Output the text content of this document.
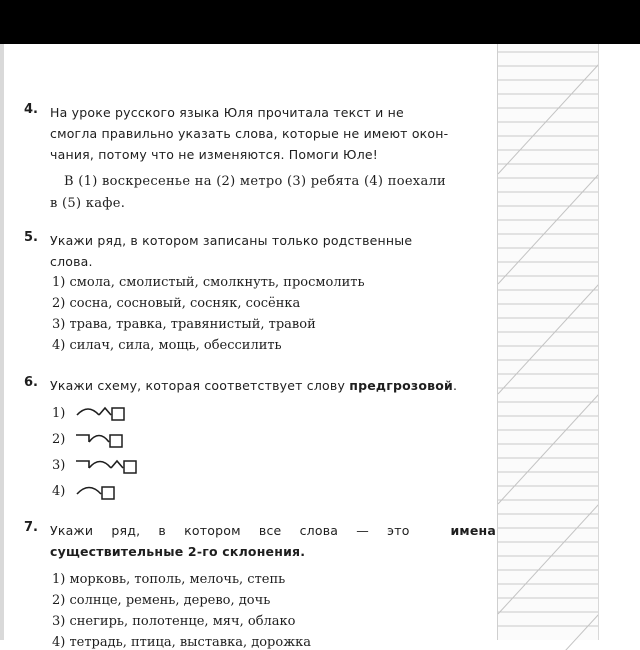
4. На уроке русского языка Юля прочитала текст и не
смогла правильно указать слова, которые не имеют окон-
чания, потому что не изменяются. Помоги Юле!
В (1) воскресенье на (2) метро (3) ребята (4) поехали
в (5) кафе.
5. Укажи ряд, в котором записаны только родственные
слова.
1) смола, смолистый, смолкнуть, просмолить
2) сосна, сосновый, сосняк, сосёнка
3) трава, травка, травянистый, травой
4) силач, сила, мощь, обессилить
6. Укажи схему, которая соответствует слову предгрозовой.
1)
2)
3)
4)
7. Укажи ряд, в котором все слова — это	имена
существительные 2-го склонения.
1) морковь, тополь, мелочь, степь
2) солнце, ремень, дерево, дочь
3) снегирь, полотенце, мяч, облако
4) тетрадь, птица, выставка, дорожка
